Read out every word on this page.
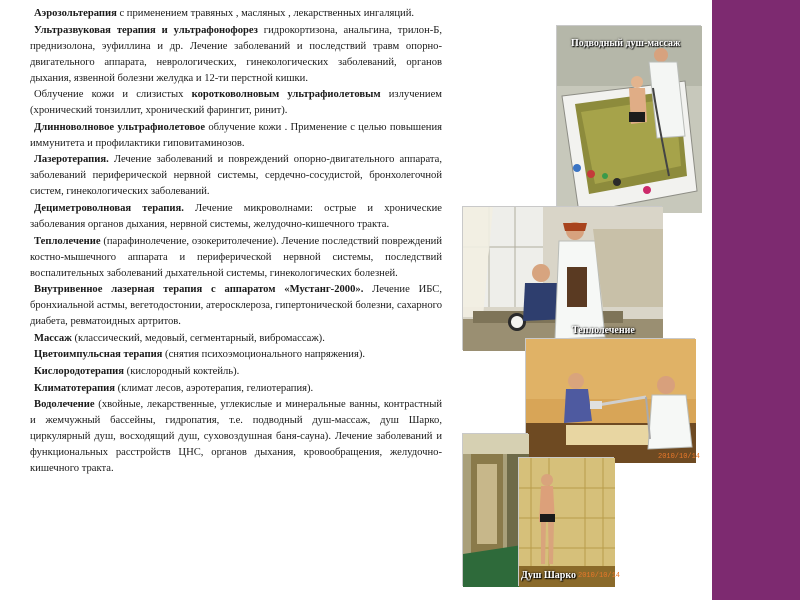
Аэрозольтерапия с применением травяных , масляных , лекарственных ингаляций.

Ультразвуковая терапия и ультрафонофорез гидрокортизона, анальгина, трилон-Б, преднизолона, эуфиллина и др. Лечение заболеваний и последствий травм опорно-двигательного аппарата, неврологических, гинекологических заболеваний, органов дыхания, язвенной болезни желудка и 12-ти перстной кишки.

Облучение кожи и слизистых коротковолновым ультрафиолетовым излучением (хронический тонзиллит, хронический фарингит, ринит).

Длинноволновое ультрафиолетовое облучение кожи . Применение с целью повышения иммунитета и профилактики гиповитаминозов.

Лазеротерапия. Лечение заболеваний и повреждений опорно-двигательного аппарата, заболеваний периферической нервной системы, сердечно-сосудистой, бронхолегочной систем, гинекологических заболеваний.

Дециметроволновая терапия. Лечение микроволнами: острые и хронические заболевания органов дыхания, нервной системы, желудочно-кишечного тракта.

Теплолечение (парафинолечение, озокеритолечение). Лечение последствий повреждений костно-мышечного аппарата и периферической нервной системы, последствий воспалительных заболеваний дыхательной системы, гинекологических болезней.

Внутривенное лазерная терапия с аппаратом «Мустанг-2000». Лечение ИБС, бронхиальной астмы, вегетодостонии, атеросклероза, гипертонической болезни, сахарного диабета, ревматоидных артритов.

Массаж (классический, медовый, сегментарный, вибромассаж).

Цветоимпульсная терапия (снятия психоэмоционального напряжения).

Кислородотерапия (кислородный коктейль).

Климатотерапия (климат лесов, аэротерапия, гелиотерапия).

Водолечение (хвойные, лекарственные, углекислые и минеральные ванны, контрастный и жемчужный бассейны, гидропатия, т.е. подводный душ-массаж, душ Шарко, циркулярный душ, восходящий душ, суховоздушная баня-сауна). Лечение заболеваний и функциональных расстройств ЦНС, органов дыхания, кровообращения, желудочно-кишечного тракта.

Подводный душ-массаж
Теплолечение
2010/10/14
2010/10/14
Душ Шарко
